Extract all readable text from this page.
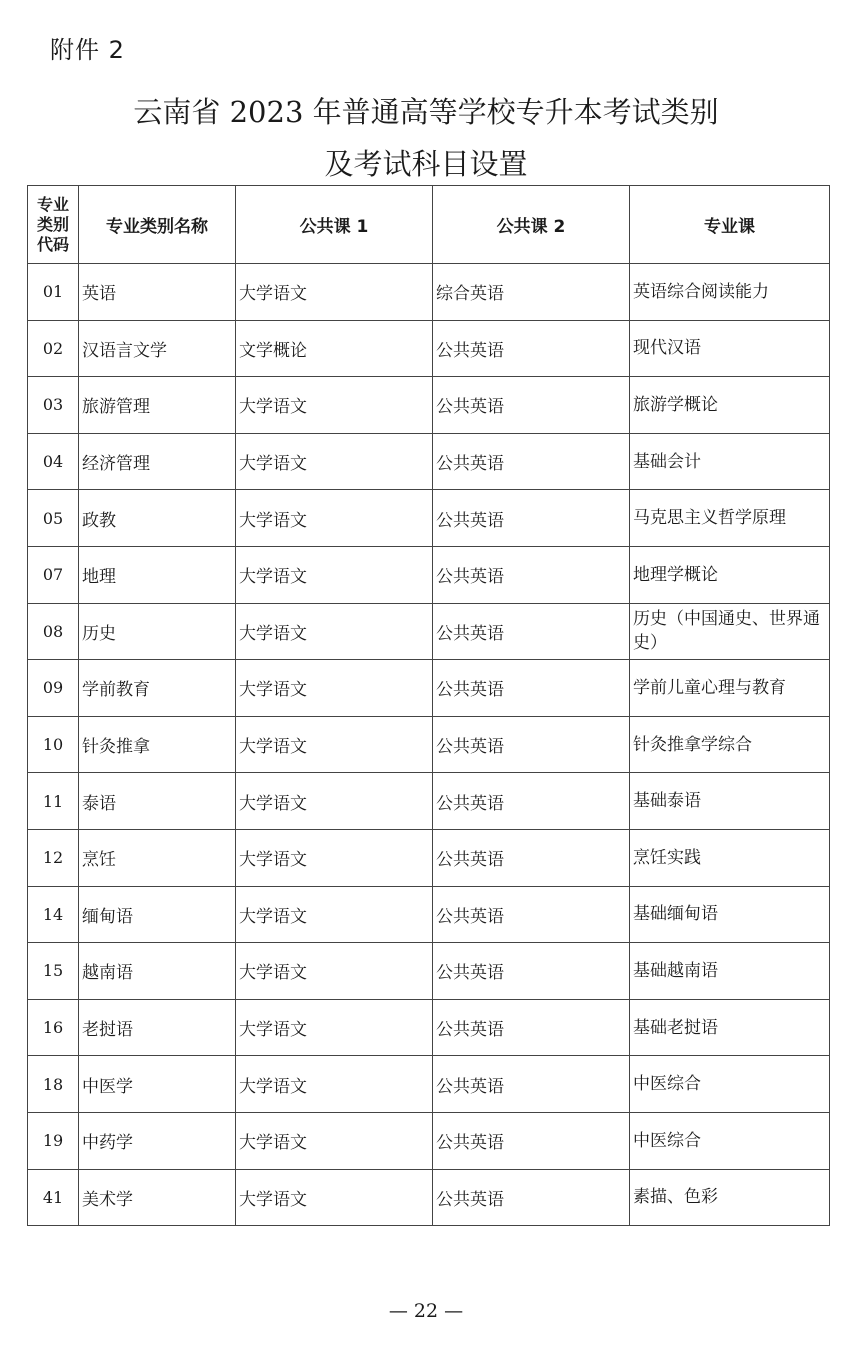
附件 2
云南省 2023 年普通高等学校专升本考试类别
及考试科目设置
专业
类别
代码	专业类别名称	公共课 1	公共课 2	专业课
01	英语	大学语文	综合英语	英语综合阅读能力
02	汉语言文学	文学概论	公共英语	现代汉语
03	旅游管理	大学语文	公共英语	旅游学概论
04	经济管理	大学语文	公共英语	基础会计
05	政教	大学语文	公共英语	马克思主义哲学原理
07	地理	大学语文	公共英语	地理学概论
08	历史	大学语文	公共英语	历史（中国通史、世界通史）
09	学前教育	大学语文	公共英语	学前儿童心理与教育
10	针灸推拿	大学语文	公共英语	针灸推拿学综合
11	泰语	大学语文	公共英语	基础泰语
12	烹饪	大学语文	公共英语	烹饪实践
14	缅甸语	大学语文	公共英语	基础缅甸语
15	越南语	大学语文	公共英语	基础越南语
16	老挝语	大学语文	公共英语	基础老挝语
18	中医学	大学语文	公共英语	中医综合
19	中药学	大学语文	公共英语	中医综合
41	美术学	大学语文	公共英语	素描、色彩
— 22 —
